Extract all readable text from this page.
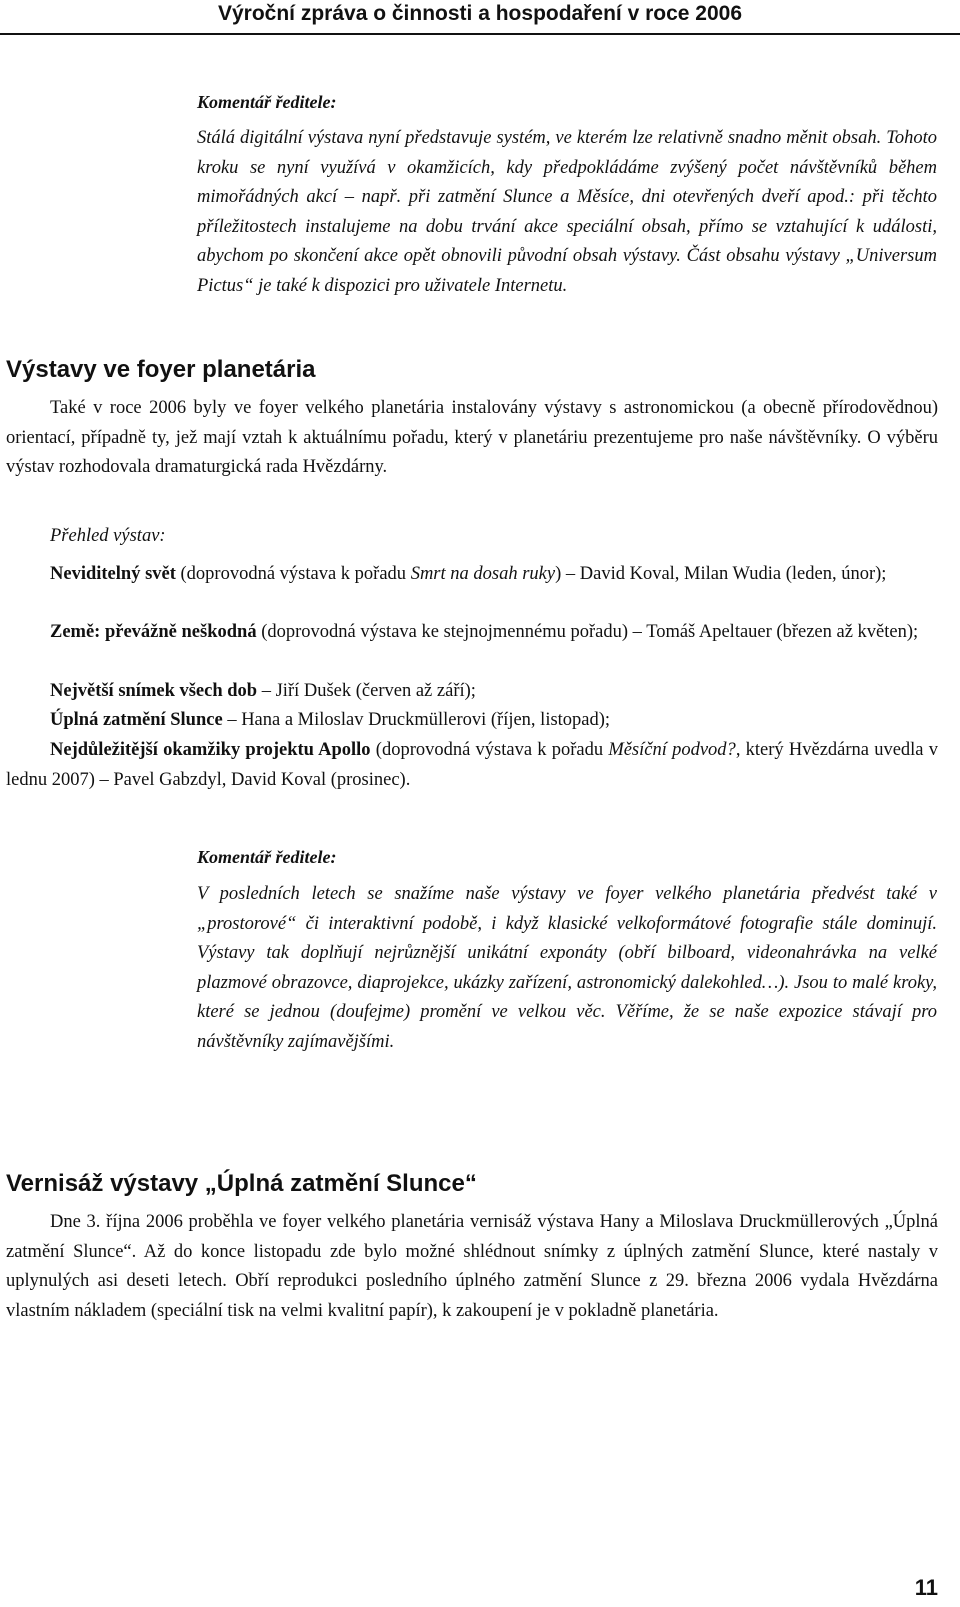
Výroční zpráva o činnosti a hospodaření v roce 2006
Komentář ředitele:
Stálá digitální výstava nyní představuje systém, ve kterém lze relativně snadno měnit obsah. Tohoto kroku se nyní využívá v okamžicích, kdy předpokládáme zvýšený počet návštěvníků během mimořádných akcí – např. při zatmění Slunce a Měsíce, dni otevřených dveří apod.: při těchto příležitostech instalujeme na dobu trvání akce speciální obsah, přímo se vztahující k události, abychom po skončení akce opět obnovili původní obsah výstavy. Část obsahu výstavy „Universum Pictus“ je také k dispozici pro uživatele Internetu.
Výstavy ve foyer planetária
Také v roce 2006 byly ve foyer velkého planetária instalovány výstavy s astronomickou (a obecně přírodovědnou) orientací, případně ty, jež mají vztah k aktuálnímu pořadu, který v planetáriu prezentujeme pro naše návštěvníky. O výběru výstav rozhodovala dramaturgická rada Hvězdárny.
Přehled výstav:
Neviditelný svět (doprovodná výstava k pořadu Smrt na dosah ruky) – David Koval, Milan Wudia (leden, únor);
Země: převážně neškodná (doprovodná výstava ke stejnojmennému pořadu) – Tomáš Apeltauer (březen až květen);
Největší snímek všech dob – Jiří Dušek (červen až září);
Úplná zatmění Slunce – Hana a Miloslav Druckmüllerovi (říjen, listopad);
Nejdůležitější okamžiky projektu Apollo (doprovodná výstava k pořadu Měsíční podvod?, který Hvězdárna uvedla v lednu 2007) – Pavel Gabzdyl, David Koval (prosinec).
Komentář ředitele:
V posledních letech se snažíme naše výstavy ve foyer velkého planetária předvést také v „prostorové“ či interaktivní podobě, i když klasické velkoformátové fotografie stále dominují. Výstavy tak doplňují nejrůznější unikátní exponáty (obří bilboard, videonahrávka na velké plazmové obrazovce, diaprojekce, ukázky zařízení, astronomický dalekohled…). Jsou to malé kroky, které se jednou (doufejme) promění ve velkou věc. Věříme, že se naše expozice stávají pro návštěvníky zajímavějšími.
Vernisáž výstavy „Úplná zatmění Slunce“
Dne 3. října 2006 proběhla ve foyer velkého planetária vernisáž výstava Hany a Miloslava Druckmüllerových „Úplná zatmění Slunce“. Až do konce listopadu zde bylo možné shlédnout snímky z úplných zatmění Slunce, které nastaly v uplynulých asi deseti letech. Obří reprodukci posledního úplného zatmění Slunce z 29. března 2006 vydala Hvězdárna vlastním nákladem (speciální tisk na velmi kvalitní papír), k zakoupení je v pokladně planetária.
11
